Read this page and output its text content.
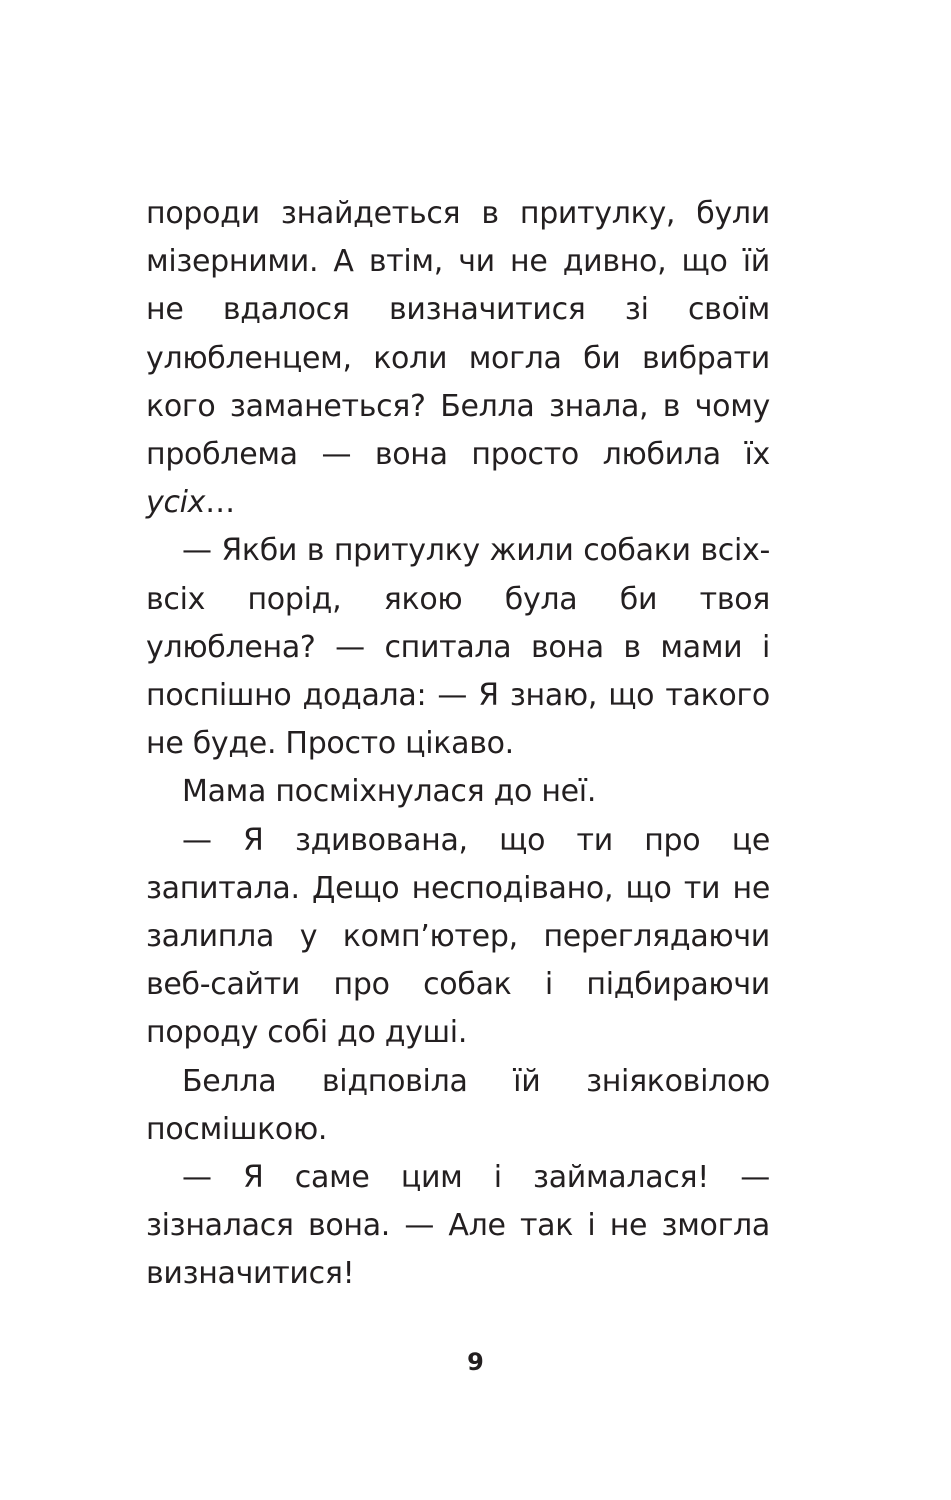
породи знайдеться в притулку, були мізерними. А втім, чи не дивно, що їй не вдалося визначитися зі своїм улюбленцем, коли могла би вибрати кого заманеться? Белла знала, в чому проблема — вона просто любила їх усіх…

— Якби в притулку жили собаки всіх-всіх порід, якою була би твоя улюблена? — спитала вона в мами і поспішно додала: — Я знаю, що такого не буде. Просто цікаво.

Мама посміхнулася до неї.

— Я здивована, що ти про це запитала. Дещо несподівано, що ти не залипла у комп’ютер, переглядаючи веб-сайти про собак і підбираючи породу собі до душі.

Белла відповіла їй зніяковілою посмішкою.

— Я саме цим і займалася! — зізналася вона. — Але так і не змогла визначитися!

9
